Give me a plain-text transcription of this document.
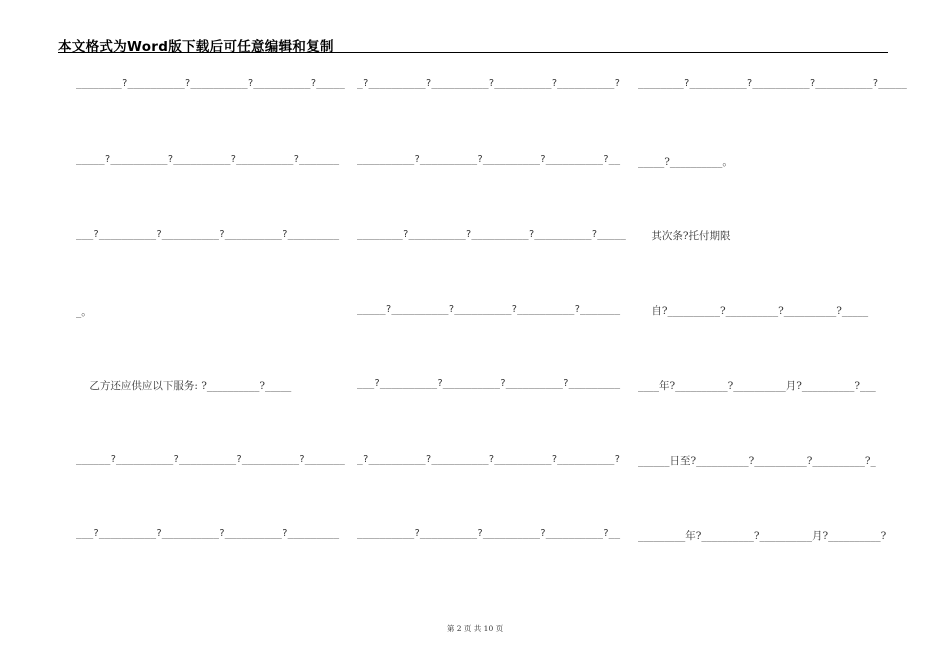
本文格式为Word版下载后可任意编辑和复制
________?__________?__________?__________?_____
_____?__________?__________?__________?_______
___?__________?__________?__________?_________
_。
乙方还应供应以下服务: ?__________?_____
______?__________?__________?__________?_______
___?__________?__________?__________?_________
_?__________?__________?__________?__________?
__________?__________?__________?__________?__
________?__________?__________?__________?_____
_____?__________?__________?__________?_______
___?__________?__________?__________?_________
_?__________?__________?__________?__________?
__________?__________?__________?__________?__
________?__________?__________?__________?_____
_____?__________。
其次条?托付期限
自?__________?__________?__________?_____
____年?__________?__________月?__________?___
______日至?__________?__________?__________?_
_________年?__________?__________月?__________?
第 2 页 共 10 页
